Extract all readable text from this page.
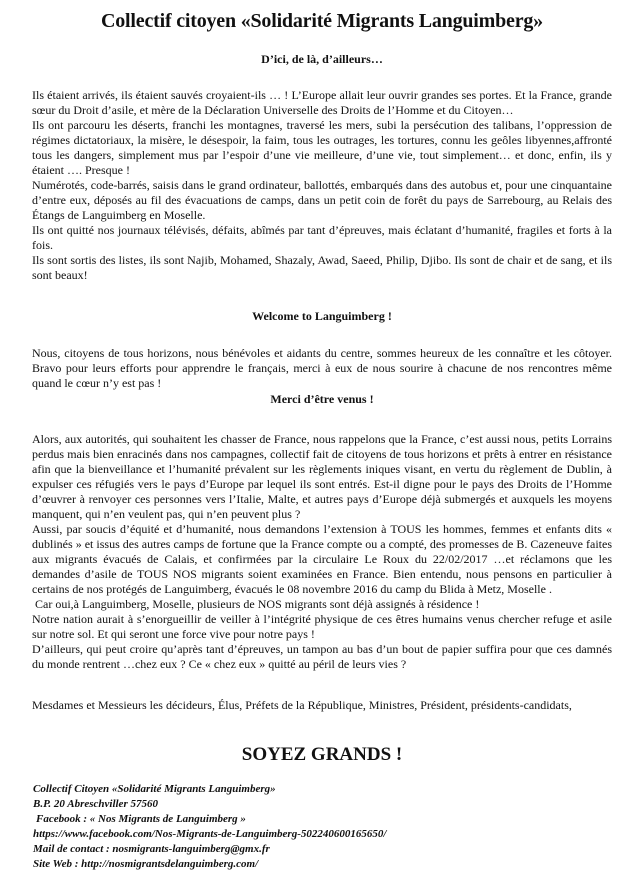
Collectif citoyen «Solidarité Migrants Languimberg»
D’ici, de là, d’ailleurs…

Ils étaient arrivés, ils étaient sauvés croyaient-ils … ! L’Europe allait leur ouvrir grandes ses portes. Et la France, grande sœur du Droit d’asile, et mère de la Déclaration Universelle des Droits de l’Homme et du Citoyen…

Ils ont parcouru les déserts, franchi les montagnes, traversé les mers, subi la persécution des talibans, l’oppression de régimes dictatoriaux, la misère, le désespoir, la faim, tous les outrages, les tortures, connu les geôles libyennes,affronté tous les dangers, simplement mus par l’espoir d’une vie meilleure, d’une vie, tout simplement… et donc, enfin, ils y étaient …. Presque !

Numérotés, code-barrés, saisis dans le grand ordinateur, ballottés, embarqués dans des autobus et, pour une cinquantaine d’entre eux, déposés au fil des évacuations de camps, dans un petit coin de forêt du pays de Sarrebourg, au Relais des Étangs de Languimberg en Moselle.

Ils ont quitté nos journaux télévisés, défaits, abîmés par tant d’épreuves, mais éclatant d’humanité, fragiles et forts à la fois.

Ils sont sortis des listes, ils sont Najib, Mohamed, Shazaly, Awad, Saeed, Philip, Djibo. Ils sont de chair et de sang, et ils sont beaux!

Welcome to Languimberg !

Nous, citoyens de tous horizons, nous bénévoles et aidants du centre, sommes heureux de les connaître et les côtoyer. Bravo pour leurs efforts pour apprendre le français, merci à eux de nous sourire à chacune de nos rencontres même quand le cœur n’y est pas !

Merci d’être venus !

Alors, aux autorités, qui souhaitent les chasser de France, nous rappelons que la France, c’est aussi nous, petits Lorrains perdus mais bien enracinés dans nos campagnes, collectif fait de citoyens de tous horizons et prêts à entrer en résistance afin que la bienveillance et l’humanité prévalent sur les règlements iniques visant, en vertu du règlement de Dublin, à expulser ces réfugiés vers le pays d’Europe par lequel ils sont entrés. Est-il digne pour le pays des Droits de l’Homme d’œuvrer à renvoyer ces personnes vers l’Italie, Malte, et autres pays d’Europe déjà submergés et auxquels les moyens manquent, qui n’en veulent pas, qui n’en peuvent plus ?

Aussi, par soucis d’équité et d’humanité, nous demandons l’extension à TOUS les hommes, femmes et enfants dits « dublinés » et issus des autres camps de fortune que la France compte ou a compté, des promesses de B. Cazeneuve faites aux migrants évacués de Calais, et confirmées par la circulaire Le Roux du 22/02/2017 …et réclamons que les demandes d’asile de TOUS NOS migrants soient examinées en France. Bien entendu, nous pensons en particulier à certains de nos protégés de Languimberg, évacués le 08 novembre 2016 du camp du Blida à Metz, Moselle .

Car oui,à Languimberg, Moselle, plusieurs de NOS migrants sont déjà assignés à résidence !

Notre nation aurait à s’enorgueillir de veiller à l’intégrité physique de ces êtres humains venus chercher refuge et asile sur notre sol. Et qui seront une force vive pour notre pays !

D’ailleurs, qui peut croire qu’après tant d’épreuves, un tampon au bas d’un bout de papier suffira pour que ces damnés du monde rentrent …chez eux ? Ce « chez eux » quitté au péril de leurs vies ?

Mesdames et Messieurs les décideurs, Élus, Préfets de la République, Ministres, Président, présidents-candidats,

SOYEZ GRANDS !
Collectif Citoyen «Solidarité Migrants Languimberg»
B.P. 20 Abreschviller 57560
Facebook : « Nos Migrants de Languimberg »
https://www.facebook.com/Nos-Migrants-de-Languimberg-502240600165650/
Mail de contact : nosmigrants-languimberg@gmx.fr
Site Web : http://nosmigrantsdelanguimberg.com/
